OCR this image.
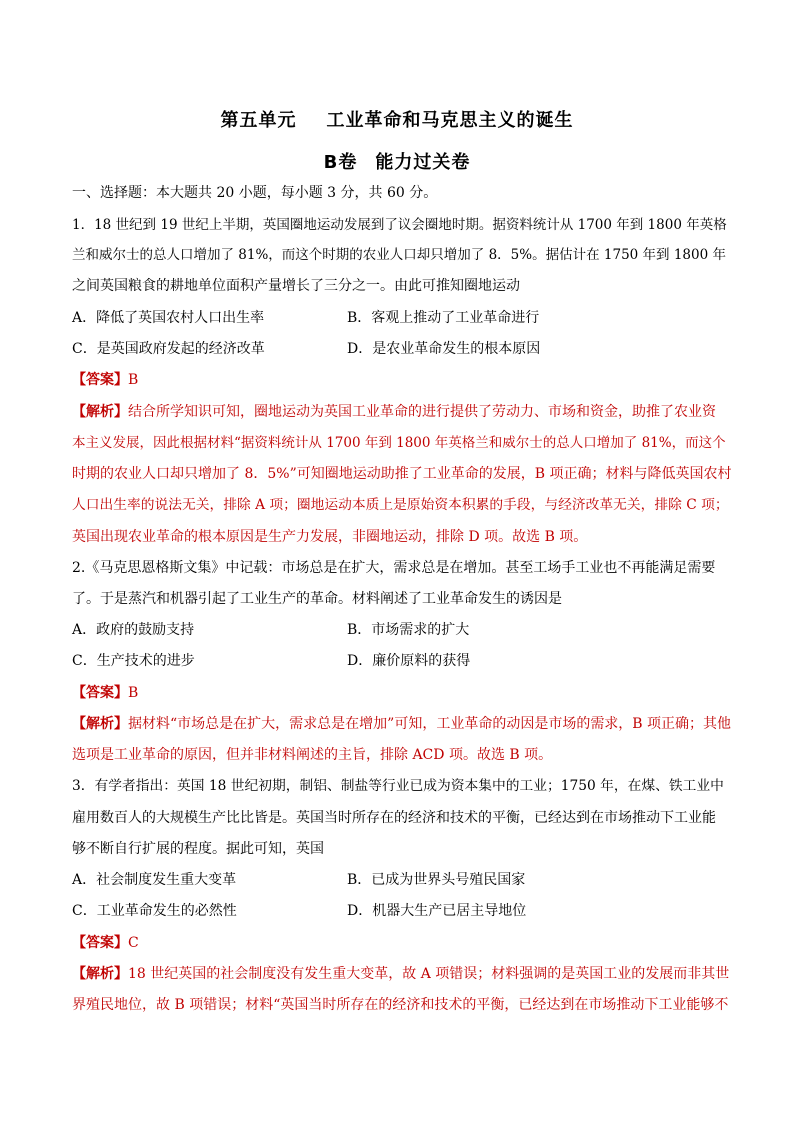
第五单元 工业革命和马克思主义的诞生
B卷 能力过关卷
一、选择题：本大题共 20 小题，每小题 3 分，共 60 分。
1．18 世纪到 19 世纪上半期，英国圈地运动发展到了议会圈地时期。据资料统计从 1700 年到 1800 年英格
兰和威尔士的总人口增加了 81%，而这个时期的农业人口却只增加了 8．5%。据估计在 1750 年到 1800 年
之间英国粮食的耕地单位面积产量增长了三分之一。由此可推知圈地运动
A．降低了英国农村人口出生率	B．客观上推动了工业革命进行
C．是英国政府发起的经济改革	D．是农业革命发生的根本原因
【答案】B
【解析】结合所学知识可知，圈地运动为英国工业革命的进行提供了劳动力、市场和资金，助推了农业资
本主义发展，因此根据材料“据资料统计从 1700 年到 1800 年英格兰和威尔士的总人口增加了 81%，而这个
时期的农业人口却只增加了 8．5%”可知圈地运动助推了工业革命的发展，B 项正确；材料与降低英国农村
人口出生率的说法无关，排除 A 项；圈地运动本质上是原始资本积累的手段，与经济改革无关，排除 C 项；
英国出现农业革命的根本原因是生产力发展，非圈地运动，排除 D 项。故选 B 项。
2.《马克思恩格斯文集》中记载：市场总是在扩大，需求总是在增加。甚至工场手工业也不再能满足需要
了。于是蒸汽和机器引起了工业生产的革命。材料阐述了工业革命发生的诱因是
A．政府的鼓励支持	B．市场需求的扩大
C．生产技术的进步	D．廉价原料的获得
【答案】B
【解析】据材料“市场总是在扩大，需求总是在增加”可知，工业革命的动因是市场的需求，B 项正确；其他
选项是工业革命的原因，但并非材料阐述的主旨，排除 ACD 项。故选 B 项。
3．有学者指出：英国 18 世纪初期，制铝、制盐等行业已成为资本集中的工业；1750 年，在煤、铁工业中
雇用数百人的大规模生产比比皆是。英国当时所存在的经济和技术的平衡，已经达到在市场推动下工业能
够不断自行扩展的程度。据此可知，英国
A．社会制度发生重大变革	B．已成为世界头号殖民国家
C．工业革命发生的必然性	D．机器大生产已居主导地位
【答案】C
【解析】18 世纪英国的社会制度没有发生重大变革，故 A 项错误；材料强调的是英国工业的发展而非其世
界殖民地位，故 B 项错误；材料“英国当时所存在的经济和技术的平衡，已经达到在市场推动下工业能够不
